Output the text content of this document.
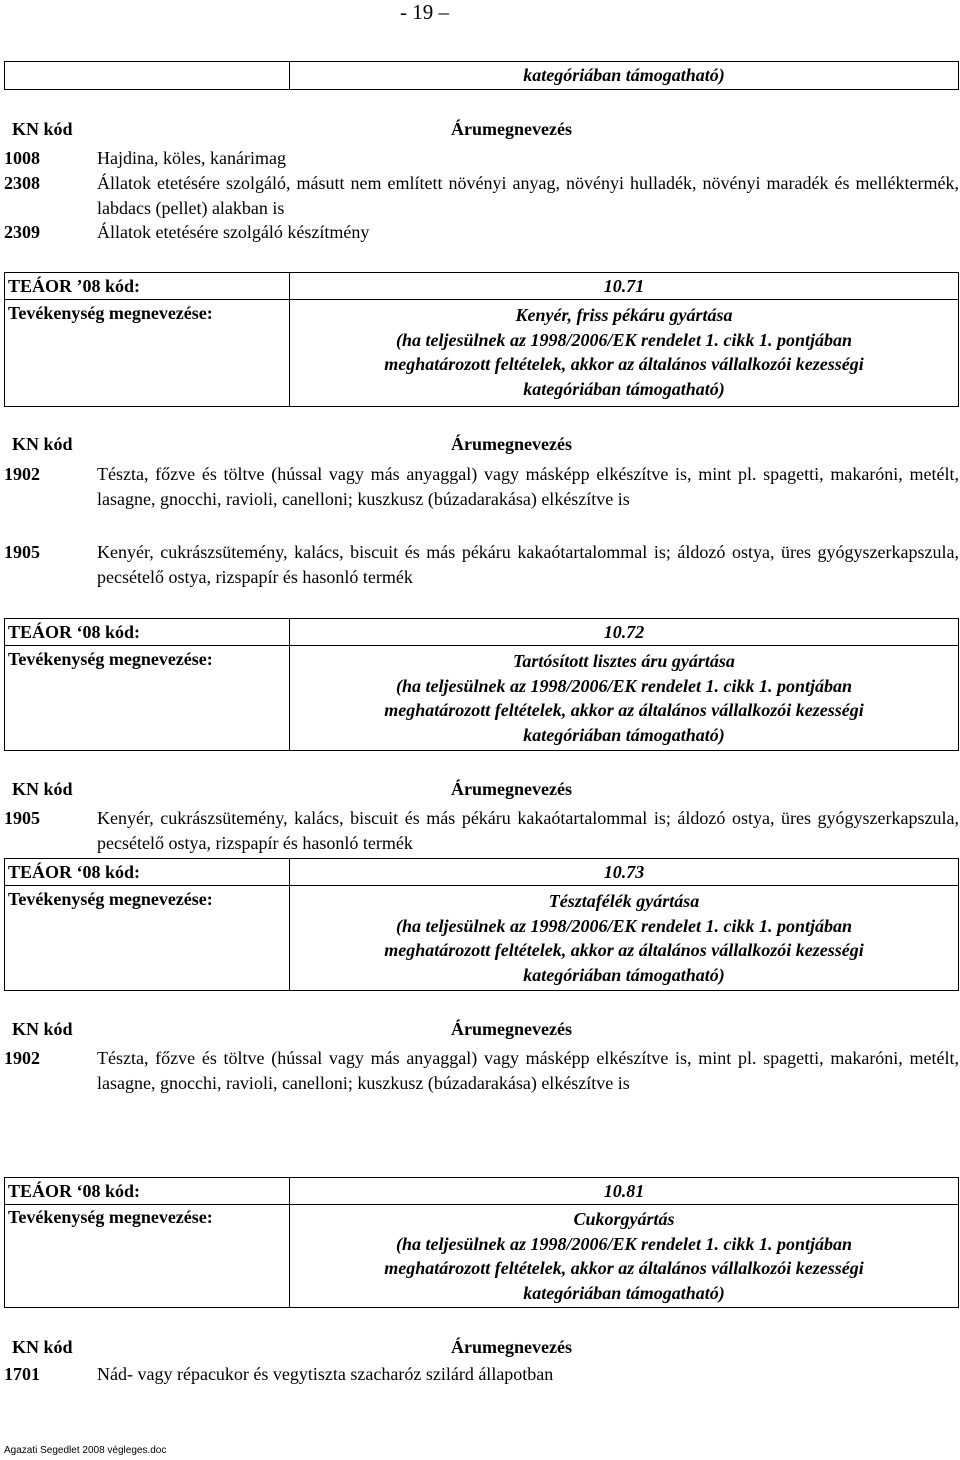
- 19 –
kategóriában támogatható)
KN kód	Árumegnevezés
1008	Hajdina, köles, kanárimag
2308	Állatok etetésére szolgáló, másutt nem említett növényi anyag, növényi hulladék, növényi maradék és melléktermék, labdacs (pellet) alakban is
2309	Állatok etetésére szolgáló készítmény
TEÁOR ’08 kód:	10.71
Tevékenység megnevezése:	Kenyér, friss pékáru gyártása
(ha teljesülnek az 1998/2006/EK rendelet 1. cikk 1. pontjában
meghatározott feltételek, akkor az általános vállalkozói kezességi
kategóriában támogatható)
KN kód	Árumegnevezés
1902	Tészta, főzve és töltve (hússal vagy más anyaggal) vagy másképp elkészítve is, mint pl. spagetti, makaróni, metélt, lasagne, gnocchi, ravioli, canelloni; kuszkusz (búzadarakása) elkészítve is
1905	Kenyér, cukrászsütemény, kalács, biscuit és más pékáru kakaótartalommal is; áldozó ostya, üres gyógyszerkapszula, pecsételő ostya, rizspapír és hasonló termék
TEÁOR ‘08 kód:	10.72
Tevékenység megnevezése:	Tartósított lisztes áru gyártása
(ha teljesülnek az 1998/2006/EK rendelet 1. cikk 1. pontjában
meghatározott feltételek, akkor az általános vállalkozói kezességi
kategóriában támogatható)
KN kód	Árumegnevezés
1905	Kenyér, cukrászsütemény, kalács, biscuit és más pékáru kakaótartalommal is; áldozó ostya, üres gyógyszerkapszula, pecsételő ostya, rizspapír és hasonló termék
TEÁOR ‘08 kód:	10.73
Tevékenység megnevezése:	Tésztafélék gyártása
(ha teljesülnek az 1998/2006/EK rendelet 1. cikk 1. pontjában
meghatározott feltételek, akkor az általános vállalkozói kezességi
kategóriában támogatható)
KN kód	Árumegnevezés
1902	Tészta, főzve és töltve (hússal vagy más anyaggal) vagy másképp elkészítve is, mint pl. spagetti, makaróni, metélt, lasagne, gnocchi, ravioli, canelloni; kuszkusz (búzadarakása) elkészítve is
TEÁOR ‘08 kód:	10.81
Tevékenység megnevezése:	Cukorgyártás
(ha teljesülnek az 1998/2006/EK rendelet 1. cikk 1. pontjában
meghatározott feltételek, akkor az általános vállalkozói kezességi
kategóriában támogatható)
KN kód	Árumegnevezés
1701	Nád- vagy répacukor és vegytiszta szacharóz szilárd állapotban
Agazati Segedlet 2008 végleges.doc
